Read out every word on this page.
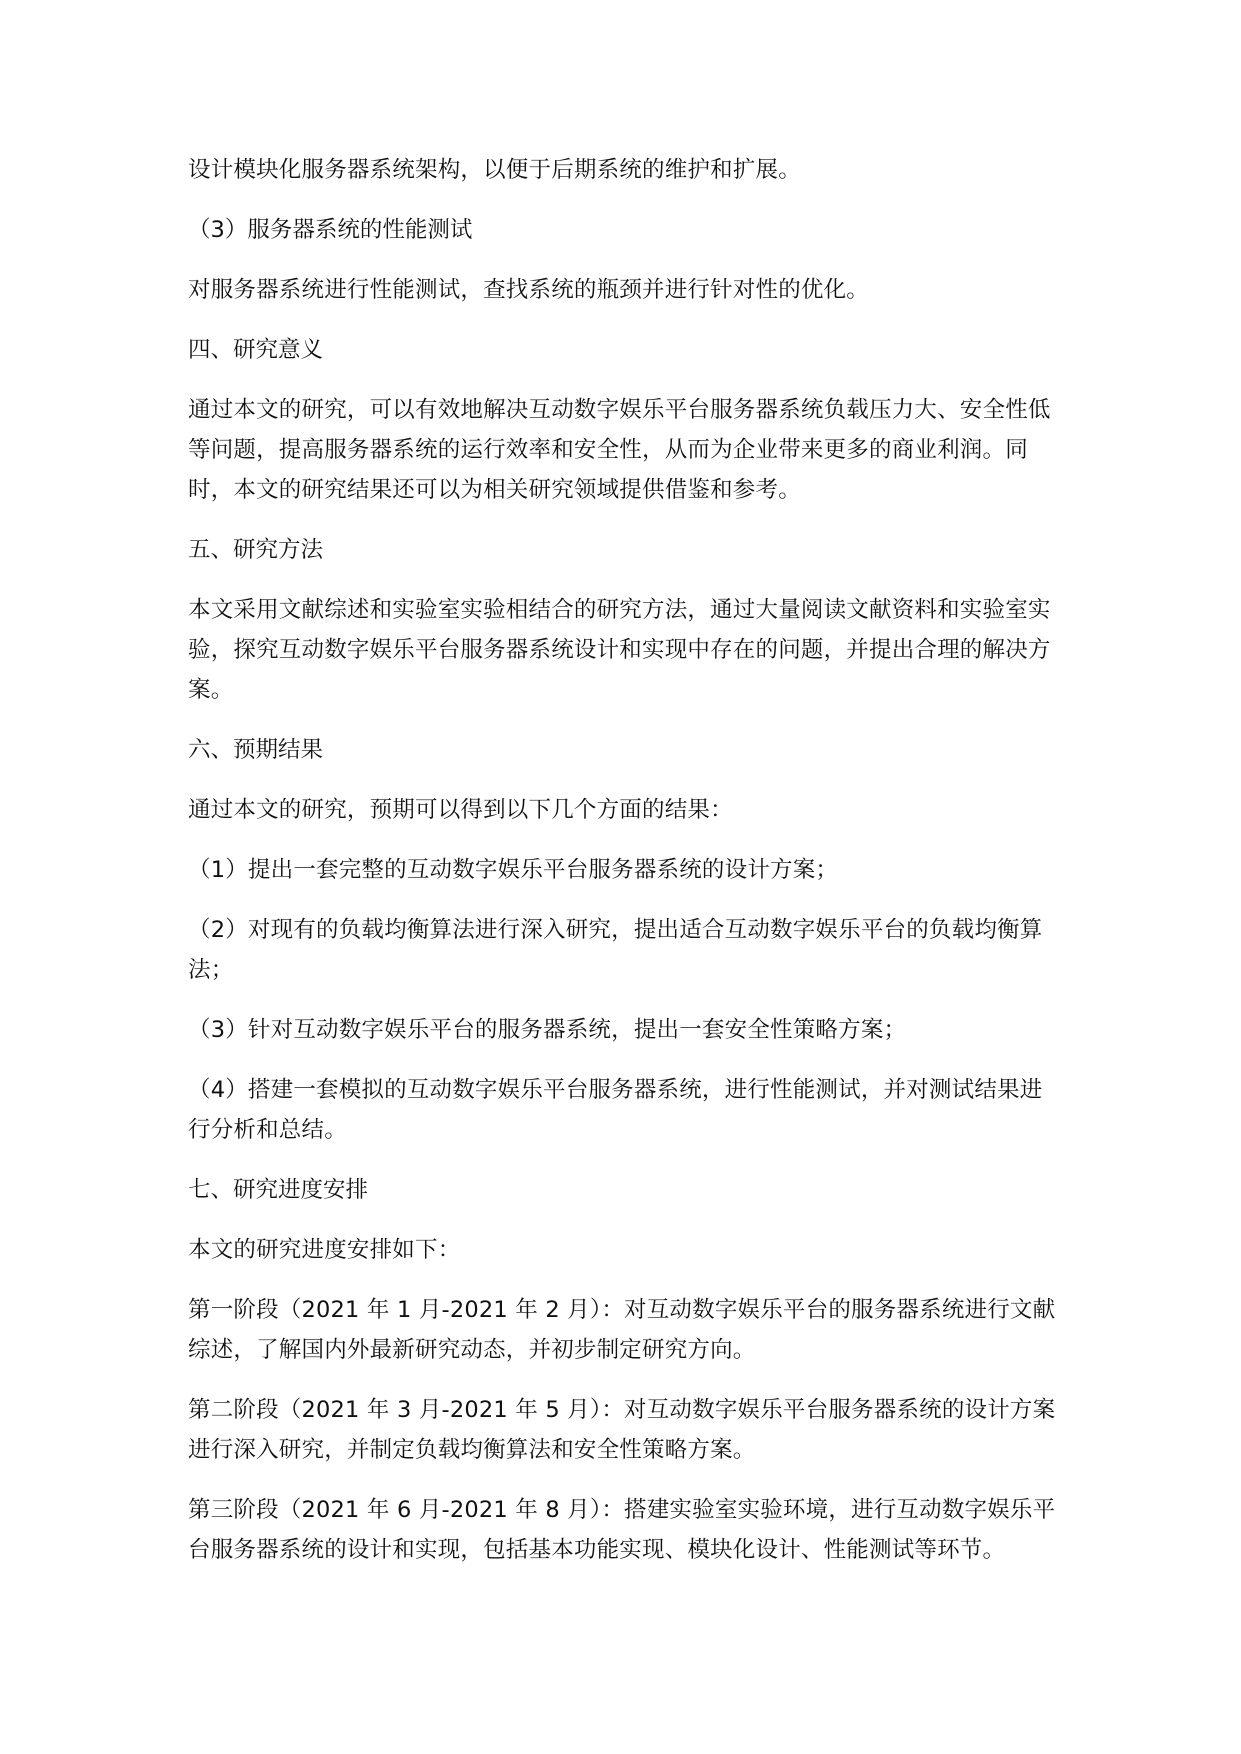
设计模块化服务器系统架构，以便于后期系统的维护和扩展。

（3）服务器系统的性能测试

对服务器系统进行性能测试，查找系统的瓶颈并进行针对性的优化。

四、研究意义

通过本文的研究，可以有效地解决互动数字娱乐平台服务器系统负载压力大、安全性低等问题，提高服务器系统的运行效率和安全性，从而为企业带来更多的商业利润。同时，本文的研究结果还可以为相关研究领域提供借鉴和参考。

五、研究方法

本文采用文献综述和实验室实验相结合的研究方法，通过大量阅读文献资料和实验室实验，探究互动数字娱乐平台服务器系统设计和实现中存在的问题，并提出合理的解决方案。

六、预期结果

通过本文的研究，预期可以得到以下几个方面的结果：

（1）提出一套完整的互动数字娱乐平台服务器系统的设计方案；

（2）对现有的负载均衡算法进行深入研究，提出适合互动数字娱乐平台的负载均衡算法；

（3）针对互动数字娱乐平台的服务器系统，提出一套安全性策略方案；

（4）搭建一套模拟的互动数字娱乐平台服务器系统，进行性能测试，并对测试结果进行分析和总结。

七、研究进度安排

本文的研究进度安排如下：

第一阶段（2021 年 1 月-2021 年 2 月）：对互动数字娱乐平台的服务器系统进行文献综述，了解国内外最新研究动态，并初步制定研究方向。

第二阶段（2021 年 3 月-2021 年 5 月）：对互动数字娱乐平台服务器系统的设计方案进行深入研究，并制定负载均衡算法和安全性策略方案。

第三阶段（2021 年 6 月-2021 年 8 月）：搭建实验室实验环境，进行互动数字娱乐平台服务器系统的设计和实现，包括基本功能实现、模块化设计、性能测试等环节。
